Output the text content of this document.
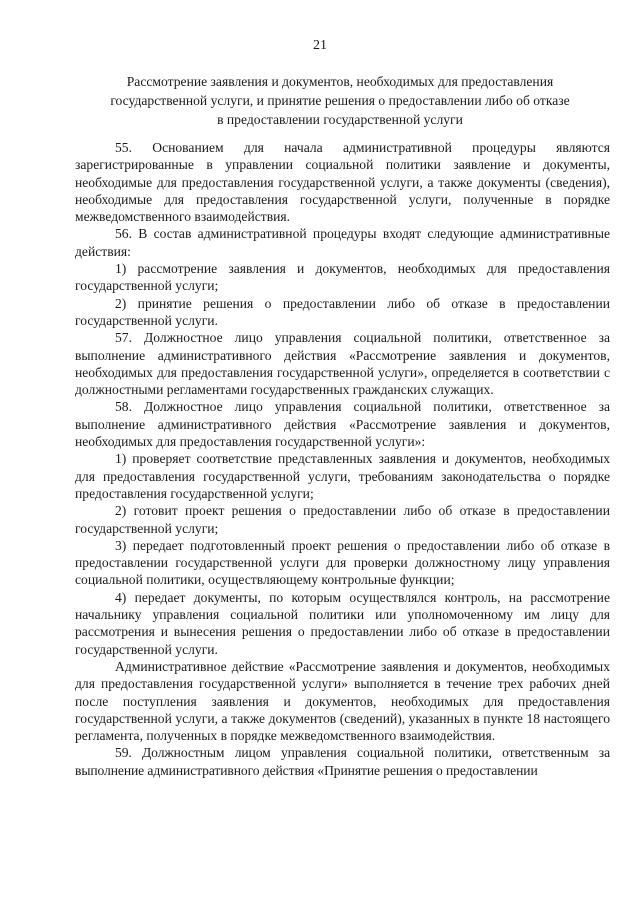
21
Рассмотрение заявления и документов, необходимых для предоставления
государственной услуги, и принятие решения о предоставлении либо об отказе
в предоставлении государственной услуги

55. Основанием для начала административной процедуры являются зарегистрированные в управлении социальной политики заявление и документы, необходимые для предоставления государственной услуги, а также документы (сведения), необходимые для предоставления государственной услуги, полученные в порядке межведомственного взаимодействия.

56. В состав административной процедуры входят следующие административные действия:

1) рассмотрение заявления и документов, необходимых для предоставления государственной услуги;

2) принятие решения о предоставлении либо об отказе в предоставлении государственной услуги.

57. Должностное лицо управления социальной политики, ответственное за выполнение административного действия «Рассмотрение заявления и документов, необходимых для предоставления государственной услуги», определяется в соответствии с должностными регламентами государственных гражданских служащих.

58. Должностное лицо управления социальной политики, ответственное за выполнение административного действия «Рассмотрение заявления и документов, необходимых для предоставления государственной услуги»:

1) проверяет соответствие представленных заявления и документов, необходимых для предоставления государственной услуги, требованиям законодательства о порядке предоставления государственной услуги;

2) готовит проект решения о предоставлении либо об отказе в предоставлении государственной услуги;

3) передает подготовленный проект решения о предоставлении либо об отказе в предоставлении государственной услуги для проверки должностному лицу управления социальной политики, осуществляющему контрольные функции;

4) передает документы, по которым осуществлялся контроль, на рассмотрение начальнику управления социальной политики или уполномоченному им лицу для рассмотрения и вынесения решения о предоставлении либо об отказе в предоставлении государственной услуги.

Административное действие «Рассмотрение заявления и документов, необходимых для предоставления государственной услуги» выполняется в течение трех рабочих дней после поступления заявления и документов, необходимых для предоставления государственной услуги, а также документов (сведений), указанных в пункте 18 настоящего регламента, полученных в порядке межведомственного взаимодействия.

59. Должностным лицом управления социальной политики, ответственным за выполнение административного действия «Принятие решения о предоставлении
